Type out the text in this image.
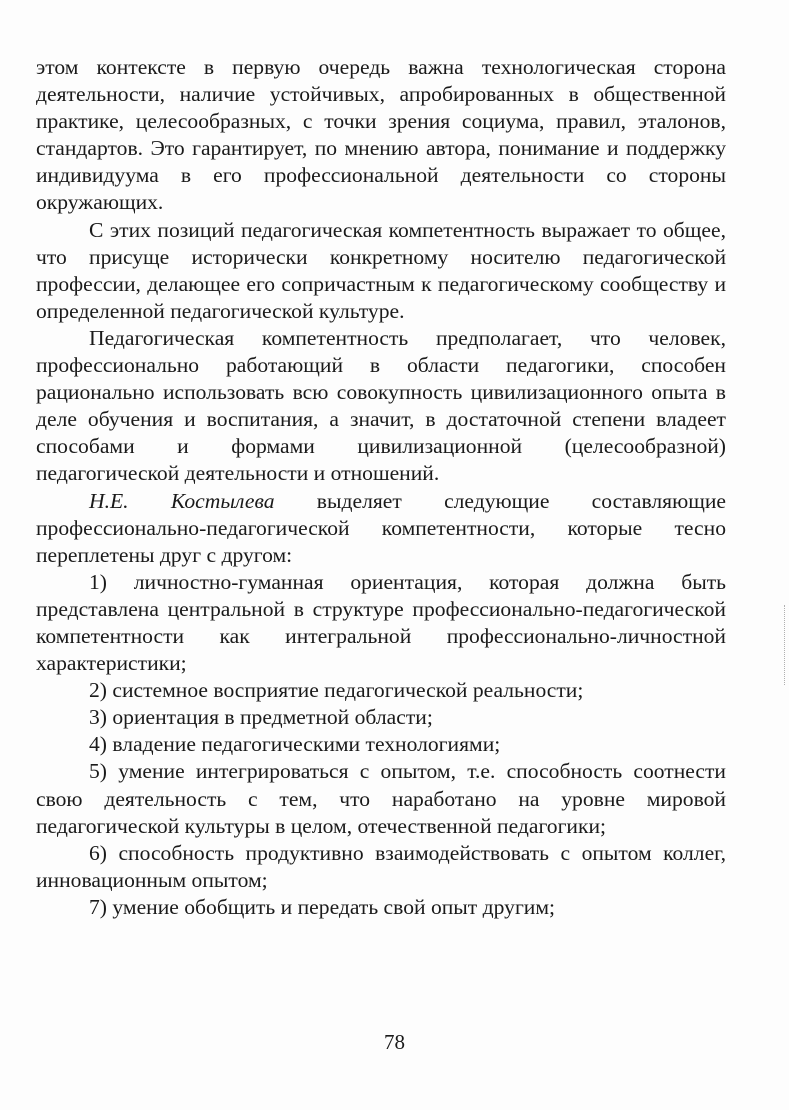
этом контексте в первую очередь важна технологическая сторона деятельности, наличие устойчивых, апробированных в общественной практике, целесообразных, с точки зрения социума, правил, эталонов, стандартов. Это гарантирует, по мнению автора, понимание и поддержку индивидуума в его профессиональной деятельности со стороны окружающих.

С этих позиций педагогическая компетентность выражает то общее, что присуще исторически конкретному носителю педагогической профессии, делающее его сопричастным к педагогическому сообществу и определенной педагогической культуре.

Педагогическая компетентность предполагает, что человек, профессионально работающий в области педагогики, способен рационально использовать всю совокупность цивилизационного опыта в деле обучения и воспитания, а значит, в достаточной степени владеет способами и формами цивилизационной (целесообразной) педагогической деятельности и отношений.

Н.Е. Костылева выделяет следующие составляющие профессионально-педагогической компетентности, которые тесно переплетены друг с другом:

1) личностно-гуманная ориентация, которая должна быть представлена центральной в структуре профессионально-педагогической компетентности как интегральной профессионально-личностной характеристики;

2) системное восприятие педагогической реальности;

3) ориентация в предметной области;

4) владение педагогическими технологиями;

5) умение интегрироваться с опытом, т.е. способность соотнести свою деятельность с тем, что наработано на уровне мировой педагогической культуры в целом, отечественной педагогики;

6) способность продуктивно взаимодействовать с опытом коллег, инновационным опытом;

7) умение обобщить и передать свой опыт другим;

78
